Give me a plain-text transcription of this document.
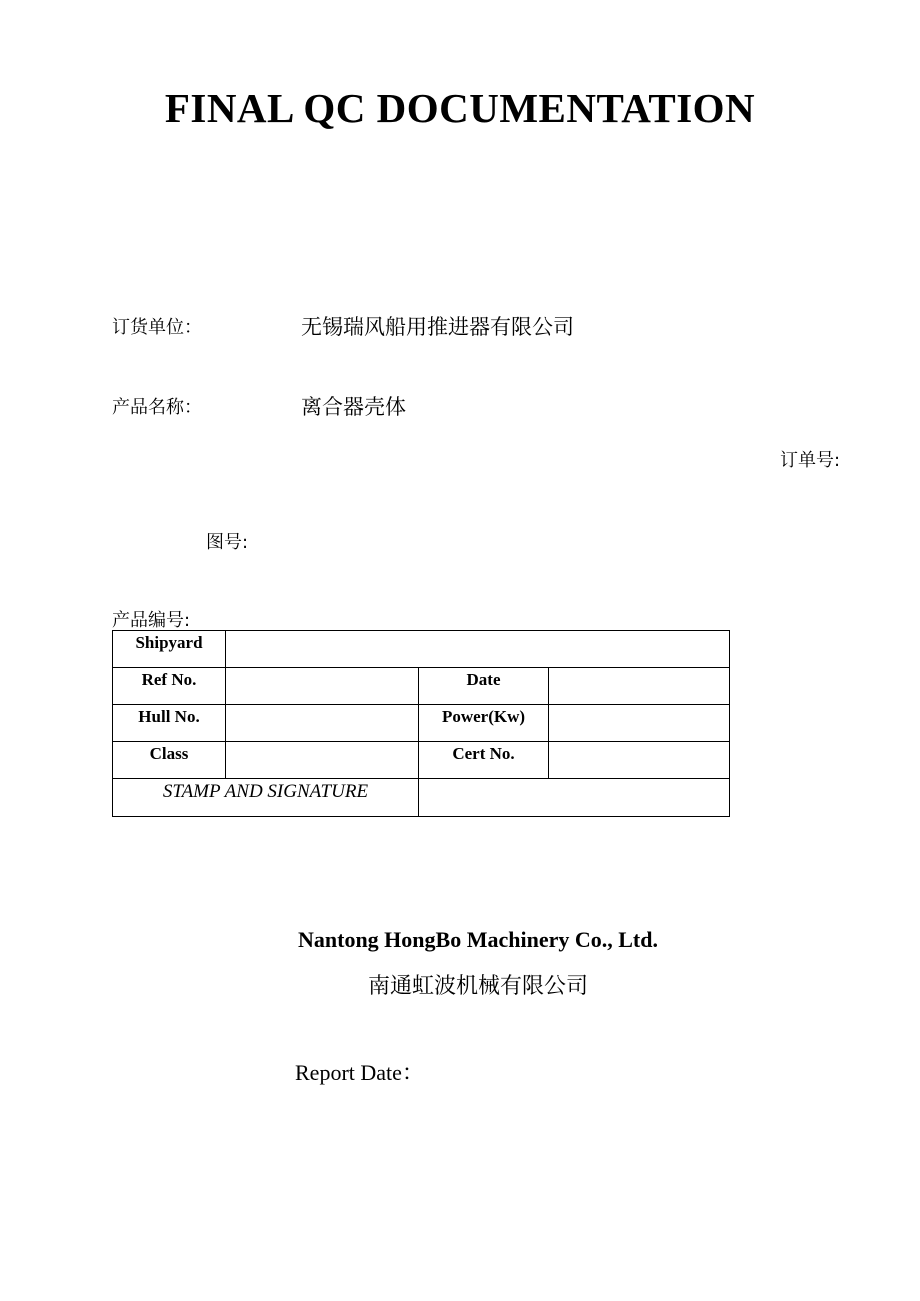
FINAL QC DOCUMENTATION
订货单位：	无锡瑞风船用推进器有限公司
产品名称：	离合器壳体
订单号:
图号:
产品编号:
Shipyard			

Ref No.		Date	

Hull No.		Power(Kw)	

Class		Cert No.	

STAMP AND SIGNATURE			

Nantong HongBo Machinery Co., Ltd.
南通虹波机械有限公司
Report Date：
